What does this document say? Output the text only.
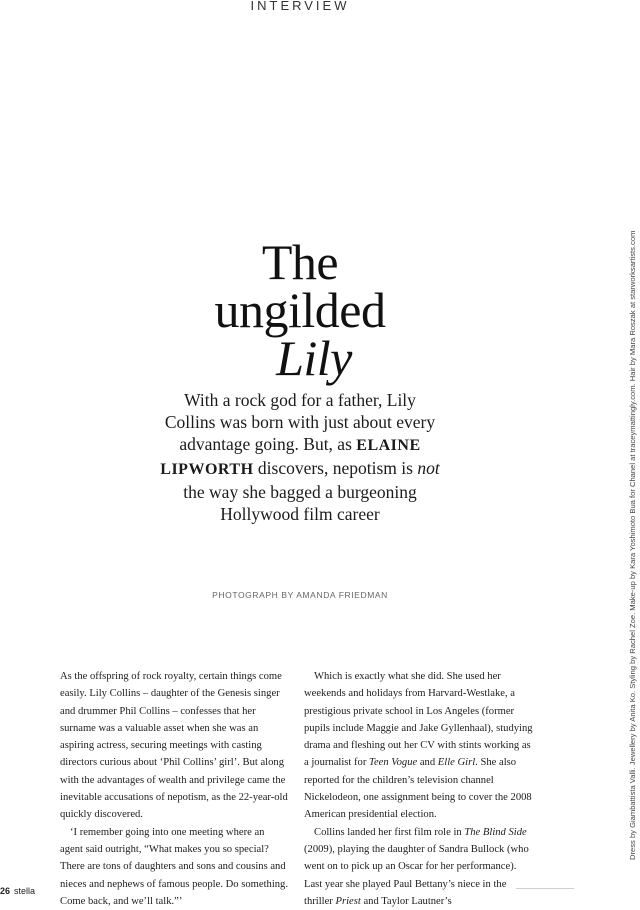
INTERVIEW
The
ungilded
Lily
With a rock god for a father, Lily Collins was born with just about every advantage going. But, as ELAINE LIPWORTH discovers, nepotism is not the way she bagged a burgeoning Hollywood film career
PHOTOGRAPH BY AMANDA FRIEDMAN

As the offspring of rock royalty, certain things come easily. Lily Collins – daughter of the Genesis singer and drummer Phil Collins – confesses that her surname was a valuable asset when she was an aspiring actress, securing meetings with casting directors curious about ‘Phil Collins’ girl’. But along with the advantages of wealth and privilege came the inevitable accusations of nepotism, as the 22-year-old quickly discovered.

‘I remember going into one meeting where an agent said outright, “What makes you so special? There are tons of daughters and sons and cousins and nieces and nephews of famous people. Do something. Come back, and we’ll talk.”’

Which is exactly what she did. She used her weekends and holidays from Harvard-Westlake, a prestigious private school in Los Angeles (former pupils include Maggie and Jake Gyllenhaal), studying drama and fleshing out her CV with stints working as a journalist for Teen Vogue and Elle Girl. She also reported for the children’s television channel Nickelodeon, one assignment being to cover the 2008 American presidential election.

Collins landed her first film role in The Blind Side (2009), playing the daughter of Sandra Bullock (who went on to pick up an Oscar for her performance). Last year she played Paul Bettany’s niece in the thriller Priest and Taylor Lautner’s

Dress by Giambattista Valli. Jewellery by Anita Ko. Styling by Rachel Zoe. Make-up by Kara Yoshimoto Bua for Chanel at traceymattingly.com. Hair by Mara Roszak at starworksartists.com
26 stella
